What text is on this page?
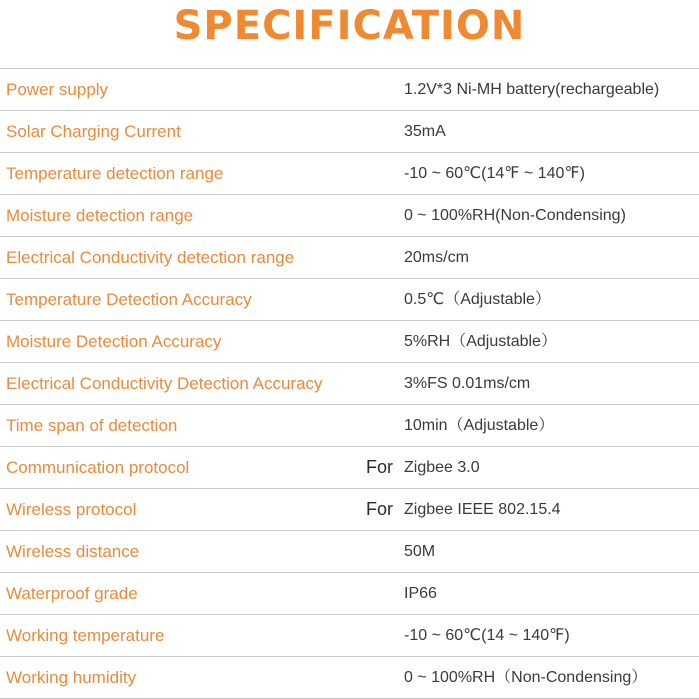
SPECIFICATION
Power supply	1.2V*3 Ni-MH battery(rechargeable)
Solar Charging Current	35mA
Temperature detection range	-10 ~ 60℃(14℉ ~ 140℉)
Moisture detection range	0 ~ 100%RH(Non-Condensing)
Electrical Conductivity detection range	20ms/cm
Temperature Detection Accuracy	0.5℃（Adjustable）
Moisture Detection Accuracy	5%RH（Adjustable）
Electrical Conductivity Detection Accuracy	3%FS 0.01ms/cm
Time span of detection	10min（Adjustable）
Communication protocol	For Zigbee 3.0
Wireless protocol	For Zigbee IEEE 802.15.4
Wireless distance	50M
Waterproof grade	IP66
Working temperature	-10 ~ 60℃(14 ~ 140℉)
Working humidity	0 ~ 100%RH（Non-Condensing）
